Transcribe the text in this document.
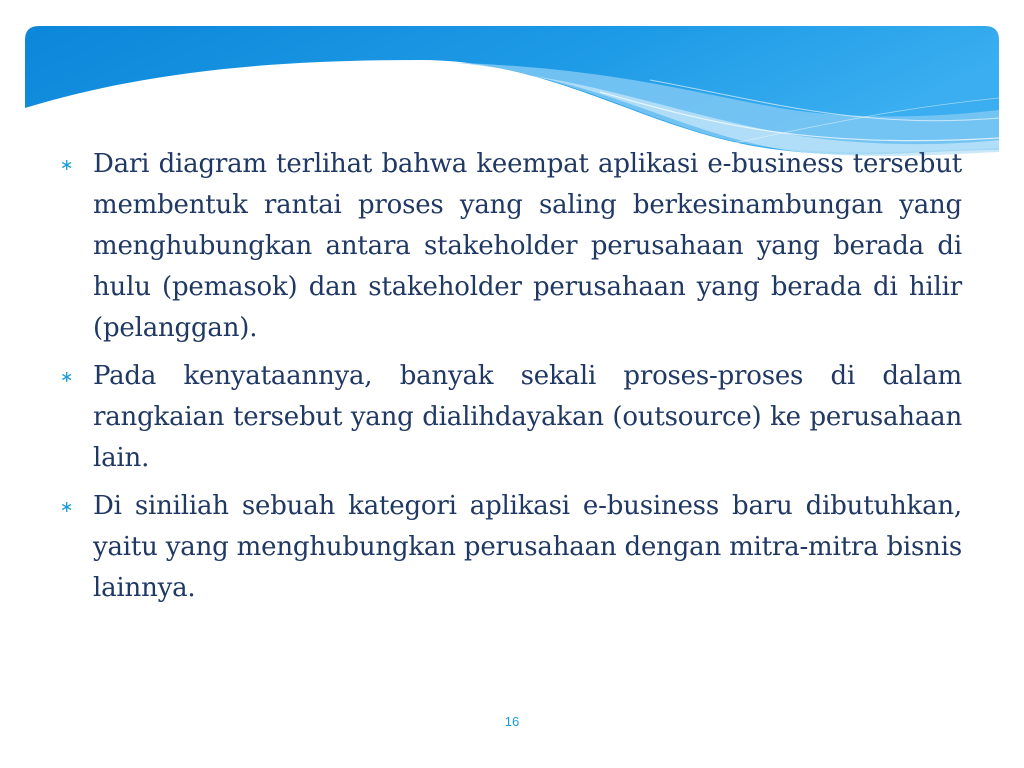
∗ Dari diagram terlihat bahwa keempat aplikasi e-business tersebut membentuk rantai proses yang saling berkesinambungan yang menghubungkan antara stakeholder perusahaan yang berada di hulu (pemasok) dan stakeholder perusahaan yang berada di hilir (pelanggan).
∗ Pada kenyataannya, banyak sekali proses-proses di dalam rangkaian tersebut yang dialihdayakan (outsource) ke perusahaan lain.
∗ Di siniliah sebuah kategori aplikasi e-business baru dibutuhkan, yaitu yang menghubungkan perusahaan dengan mitra-mitra bisnis lainnya.
16
